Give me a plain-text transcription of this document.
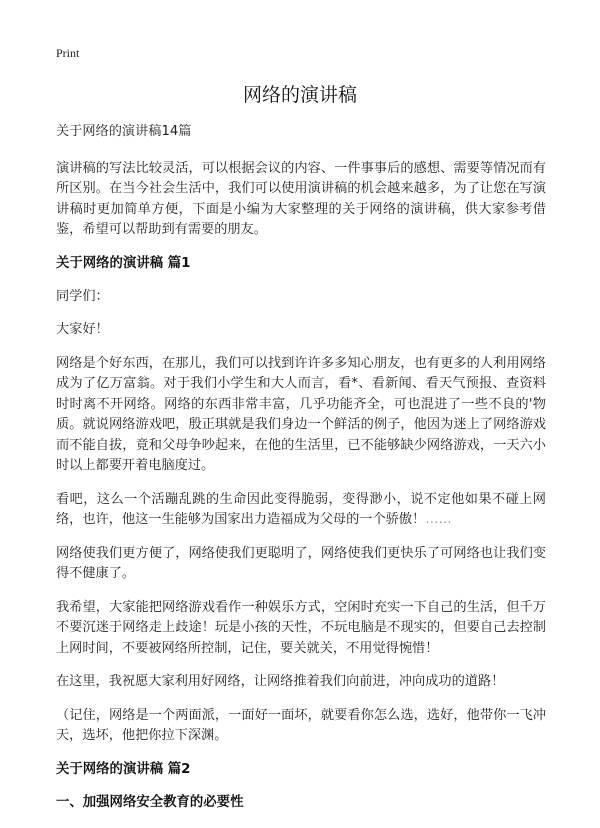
Print
网络的演讲稿

关于网络的演讲稿14篇

演讲稿的写法比较灵活，可以根据会议的内容、一件事事后的感想、需要等情况而有所区别。在当今社会生活中，我们可以使用演讲稿的机会越来越多，为了让您在写演讲稿时更加简单方便，下面是小编为大家整理的关于网络的演讲稿，供大家参考借鉴，希望可以帮助到有需要的朋友。

关于网络的演讲稿 篇1

同学们：

大家好！

网络是个好东西，在那儿，我们可以找到许许多多知心朋友，也有更多的人利用网络成为了亿万富翁。对于我们小学生和大人而言，看*、看新闻、看天气预报、查资料时时离不开网络。网络的东西非常丰富，几乎功能齐全，可也混进了一些不良的'物质。就说网络游戏吧，殷正琪就是我们身边一个鲜活的例子，他因为迷上了网络游戏而不能自拔，竟和父母争吵起来，在他的生活里，已不能够缺少网络游戏，一天六小时以上都要开着电脑度过。

看吧，这么一个活蹦乱跳的生命因此变得脆弱，变得渺小，说不定他如果不碰上网络，也许，他这一生能够为国家出力造福成为父母的一个骄傲！……

网络使我们更方便了，网络使我们更聪明了，网络使我们更快乐了可网络也让我们变得不健康了。

我希望，大家能把网络游戏看作一种娱乐方式，空闲时充实一下自己的生活，但千万不要沉迷于网络走上歧途！玩是小孩的天性，不玩电脑是不现实的，但要自己去控制上网时间，不要被网络所控制，记住，要关就关，不用觉得惋惜！

在这里，我祝愿大家利用好网络，让网络推着我们向前进，冲向成功的道路！

（记住，网络是一个两面派，一面好一面坏，就要看你怎么选，选好，他带你一飞冲天，选坏，他把你拉下深渊。

关于网络的演讲稿 篇2
一、加强网络安全教育的必要性
